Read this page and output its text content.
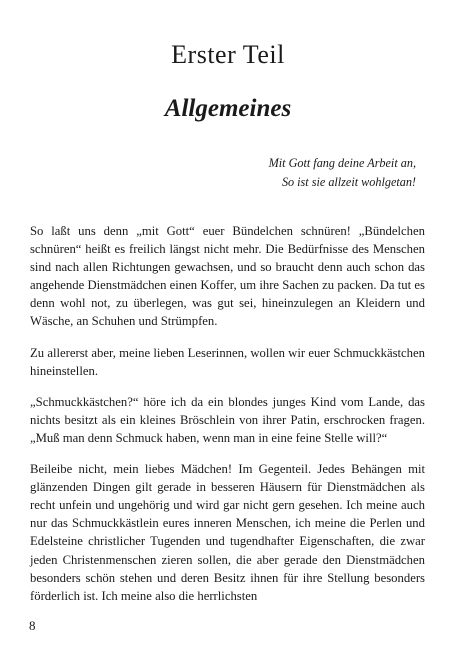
Erster Teil
Allgemeines
Mit Gott fang deine Arbeit an,
So ist sie allzeit wohlgetan!

So laßt uns denn „mit Gott“ euer Bündelchen schnüren! „Bündelchen schnüren“ heißt es freilich längst nicht mehr. Die Bedürfnisse des Menschen sind nach allen Richtungen gewachsen, und so braucht denn auch schon das angehende Dienstmädchen einen Koffer, um ihre Sachen zu packen. Da tut es denn wohl not, zu überlegen, was gut sei, hineinzulegen an Kleidern und Wäsche, an Schuhen und Strümpfen.

Zu allererst aber, meine lieben Leserinnen, wollen wir euer Schmuckkästchen hineinstellen.

„Schmuckkästchen?“ höre ich da ein blondes junges Kind vom Lande, das nichts besitzt als ein kleines Bröschlein von ihrer Patin, erschrocken fragen. „Muß man denn Schmuck haben, wenn man in eine feine Stelle will?“

Beileibe nicht, mein liebes Mädchen! Im Gegenteil. Jedes Behängen mit glänzenden Dingen gilt gerade in besseren Häusern für Dienstmädchen als recht unfein und ungehörig und wird gar nicht gern gesehen. Ich meine auch nur das Schmuckkästlein eures inneren Menschen, ich meine die Perlen und Edelsteine christlicher Tugenden und tugendhafter Eigenschaften, die zwar jeden Christenmenschen zieren sollen, die aber gerade den Dienstmädchen besonders schön stehen und deren Besitz ihnen für ihre Stellung besonders förderlich ist. Ich meine also die herrlichsten

8
